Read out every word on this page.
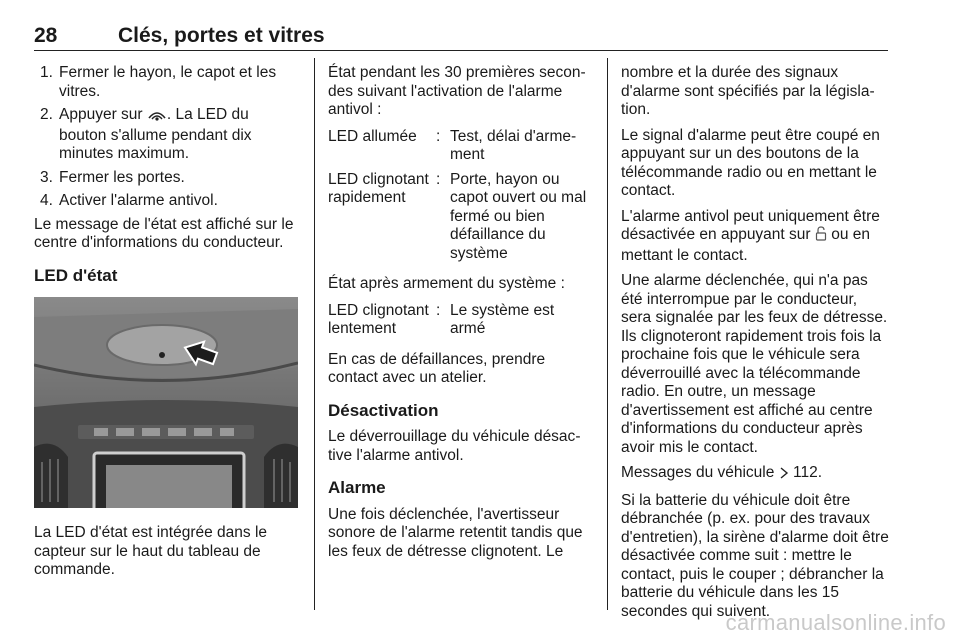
28	Clés, portes et vitres
1. Fermer le hayon, le capot et les vitres.
2. Appuyer sur . La LED du bouton s'allume pendant dix minutes maximum.
3. Fermer les portes.
4. Activer l'alarme antivol.

Le message de l'état est affiché sur le centre d'informations du conducteur.

LED d'état

La LED d'état est intégrée dans le capteur sur le haut du tableau de commande.

État pendant les 30 premières secondes suivant l'activation de l'alarme antivol :

LED allumée	: Test, délai d'armement
LED clignotant rapidement
: Porte, hayon ou capot ouvert ou mal fermé ou bien défaillance du système

État après armement du système :

LED clignotant lentement
: Le système est armé

En cas de défaillances, prendre contact avec un atelier.

Désactivation

Le déverrouillage du véhicule désactive l'alarme antivol.

Alarme

Une fois déclenchée, l'avertisseur sonore de l'alarme retentit tandis que les feux de détresse clignotent. Le

nombre et la durée des signaux d'alarme sont spécifiés par la législation.

Le signal d'alarme peut être coupé en appuyant sur un des boutons de la télécommande radio ou en mettant le contact.

L'alarme antivol peut uniquement être désactivée en appuyant sur ou en mettant le contact.

Une alarme déclenchée, qui n'a pas été interrompue par le conducteur, sera signalée par les feux de détresse. Ils clignoteront rapidement trois fois la prochaine fois que le véhicule sera déverrouillé avec la télécommande radio. En outre, un message d'avertissement est affiché au centre d'informations du conducteur après avoir mis le contact.

Messages du véhicule 112.

Si la batterie du véhicule doit être débranchée (p. ex. pour des travaux d'entretien), la sirène d'alarme doit être désactivée comme suit : mettre le contact, puis le couper ; débrancher la batterie du véhicule dans les 15 secondes qui suivent.

carmanualsonline.info
